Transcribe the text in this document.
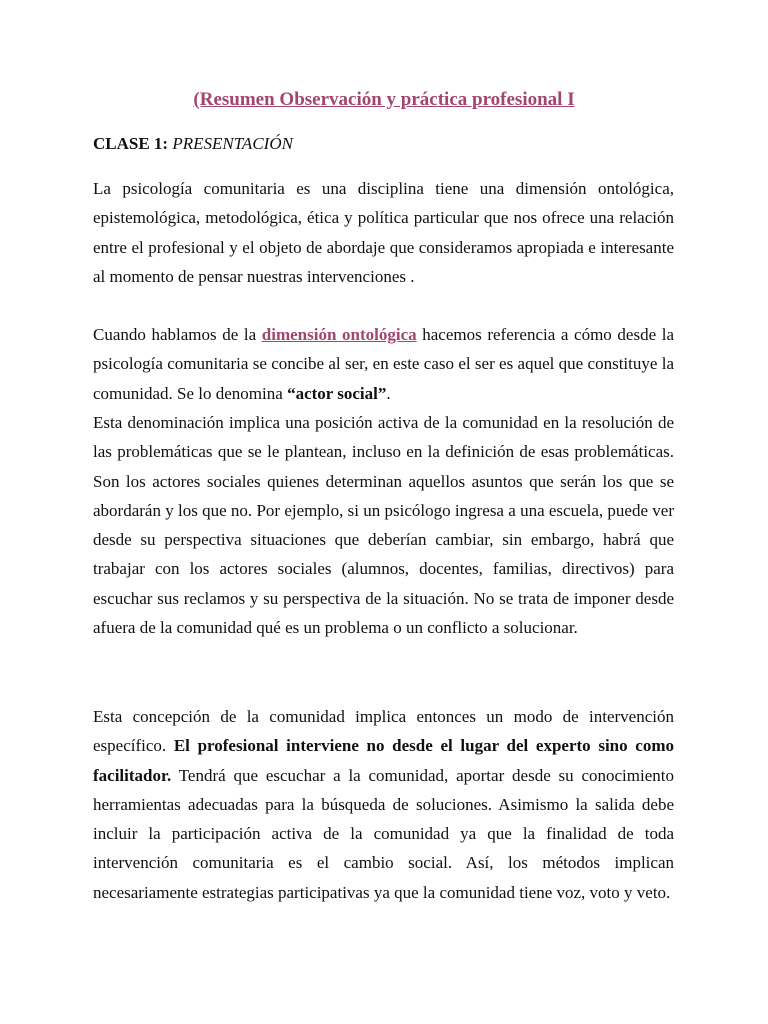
(Resumen Observación y práctica profesional I
CLASE 1: PRESENTACIÓN
La psicología comunitaria es una disciplina tiene una dimensión ontológica, epistemológica, metodológica, ética y política particular que nos ofrece una relación entre el profesional y el objeto de abordaje que consideramos apropiada e interesante al momento de pensar nuestras intervenciones .
Cuando hablamos de la dimensión ontológica hacemos referencia a cómo desde la psicología comunitaria se concibe al ser, en este caso el ser es aquel que constituye la comunidad. Se lo denomina “actor social”.
Esta denominación implica una posición activa de la comunidad en la resolución de las problemáticas que se le plantean, incluso en la definición de esas problemáticas. Son los actores sociales quienes determinan aquellos asuntos que serán los que se abordarán y los que no. Por ejemplo, si un psicólogo ingresa a una escuela, puede ver desde su perspectiva situaciones que deberían cambiar, sin embargo, habrá que trabajar con los actores sociales (alumnos, docentes, familias, directivos) para escuchar sus reclamos y su perspectiva de la situación. No se trata de imponer desde afuera de la comunidad qué es un problema o un conflicto a solucionar.
Esta concepción de la comunidad implica entonces un modo de intervención específico. El profesional interviene no desde el lugar del experto sino como facilitador. Tendrá que escuchar a la comunidad, aportar desde su conocimiento herramientas adecuadas para la búsqueda de soluciones. Asimismo la salida debe incluir la participación activa de la comunidad ya que la finalidad de toda intervención comunitaria es el cambio social. Así, los métodos implican necesariamente estrategias participativas ya que la comunidad tiene voz, voto y veto.
